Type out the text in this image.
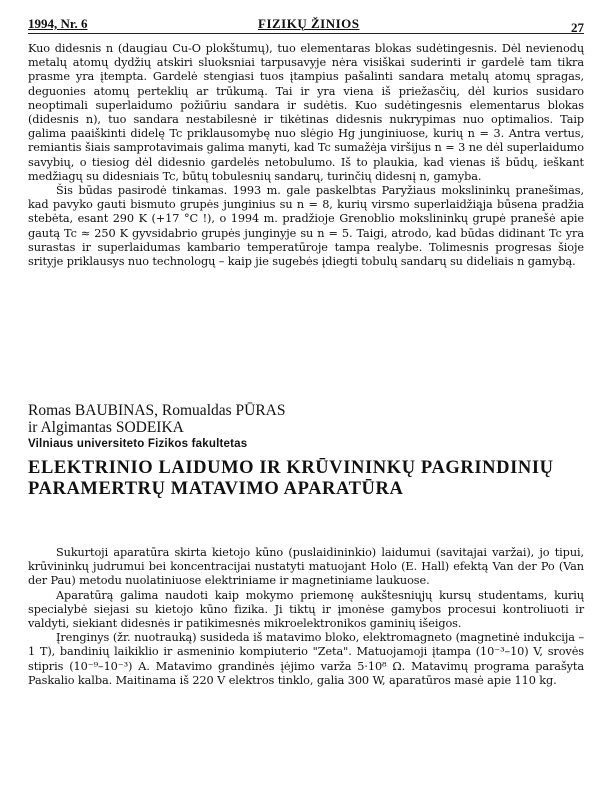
1994, Nr. 6	FIZIKŲ ŽINIOS	27

Kuo didesnis n (daugiau Cu-O plokštumų), tuo elementaras blokas sudėtingesnis. Dėl nevienodų metalų atomų dydžių atskiri sluoksniai tarpusavyje nėra visiškai suderinti ir gardelė tam tikra prasme yra įtempta. Gardelė stengiasi tuos įtampius pašalinti sandara metalų atomų spragas, deguonies atomų perteklių ar trūkumą. Tai ir yra viena iš priežasčių, dėl kurios susidaro neoptimali superlaidumo požiūriu sandara ir sudėtis. Kuo sudėtingesnis elementarus blokas (didesnis n), tuo sandara nestabilesnė ir tikėtinas didesnis nukrypimas nuo optimalios. Taip galima paaiškinti didelę Tc priklausomybę nuo slėgio Hg junginiuose, kurių n = 3. Antra vertus, remiantis šiais samprotavimais galima manyti, kad Tc sumažėja viršijus n = 3 ne dėl superlaidumo savybių, o tiesiog dėl didesnio gardelės netobulumo. Iš to plaukia, kad vienas iš būdų, ieškant medžiagų su didesniais Tc, būtų tobulesnių sandarų, turinčių didesnį n, gamyba.

Šis būdas pasirodė tinkamas. 1993 m. gale paskelbtas Paryžiaus mokslininkų pranešimas, kad pavyko gauti bismuto grupės junginius su n = 8, kurių virsmo superlaidžiąja būsena pradžia stebėta, esant 290 K (+17 °C !), o 1994 m. pradžioje Grenoblio mokslininkų grupė pranešė apie gautą Tc ≈ 250 K gyvsidabrio grupės junginyje su n = 5. Taigi, atrodo, kad būdas didinant Tc yra surastas ir superlaidumas kambario temperatūroje tampa realybe. Tolimesnis progresas šioje srityje priklausys nuo technologų – kaip jie sugebės įdiegti tobulų sandarų su dideliais n gamybą.

Romas BAUBINAS, Romualdas PŪRAS
ir Algimantas SODEIKA
Vilniaus universiteto Fizikos fakultetas
ELEKTRINIO LAIDUMO IR KRŪVININKŲ PAGRINDINIŲ PARAMERTRŲ MATAVIMO APARATŪRA

Sukurtoji aparatūra skirta kietojo kūno (puslaidininkio) laidumui (savitajai varžai), jo tipui, krūvininkų judrumui bei koncentracijai nustatyti matuojant Holo (E. Hall) efektą Van der Po (Van der Pau) metodu nuolatiniuose elektriniame ir magnetiniame laukuose.

Aparatūrą galima naudoti kaip mokymo priemonę aukštesniųjų kursų studentams, kurių specialybė siejasi su kietojo kūno fizika. Ji tiktų ir įmonėse gamybos procesui kontroliuoti ir valdyti, siekiant didesnės ir patikimesnės mikroelektronikos gaminių išeigos.

Įrenginys (žr. nuotrauką) susideda iš matavimo bloko, elektromagneto (magnetinė indukcija – 1 T), bandinių laikiklio ir asmeninio kompiuterio "Zeta". Matuojamoji įtampa (10⁻³–10) V, srovės stipris (10⁻⁹–10⁻³) A. Matavimo grandinės įėjimo varža 5·10⁸ Ω. Matavimų programa parašyta Paskalio kalba. Maitinama iš 220 V elektros tinklo, galia 300 W, aparatūros masė apie 110 kg.
